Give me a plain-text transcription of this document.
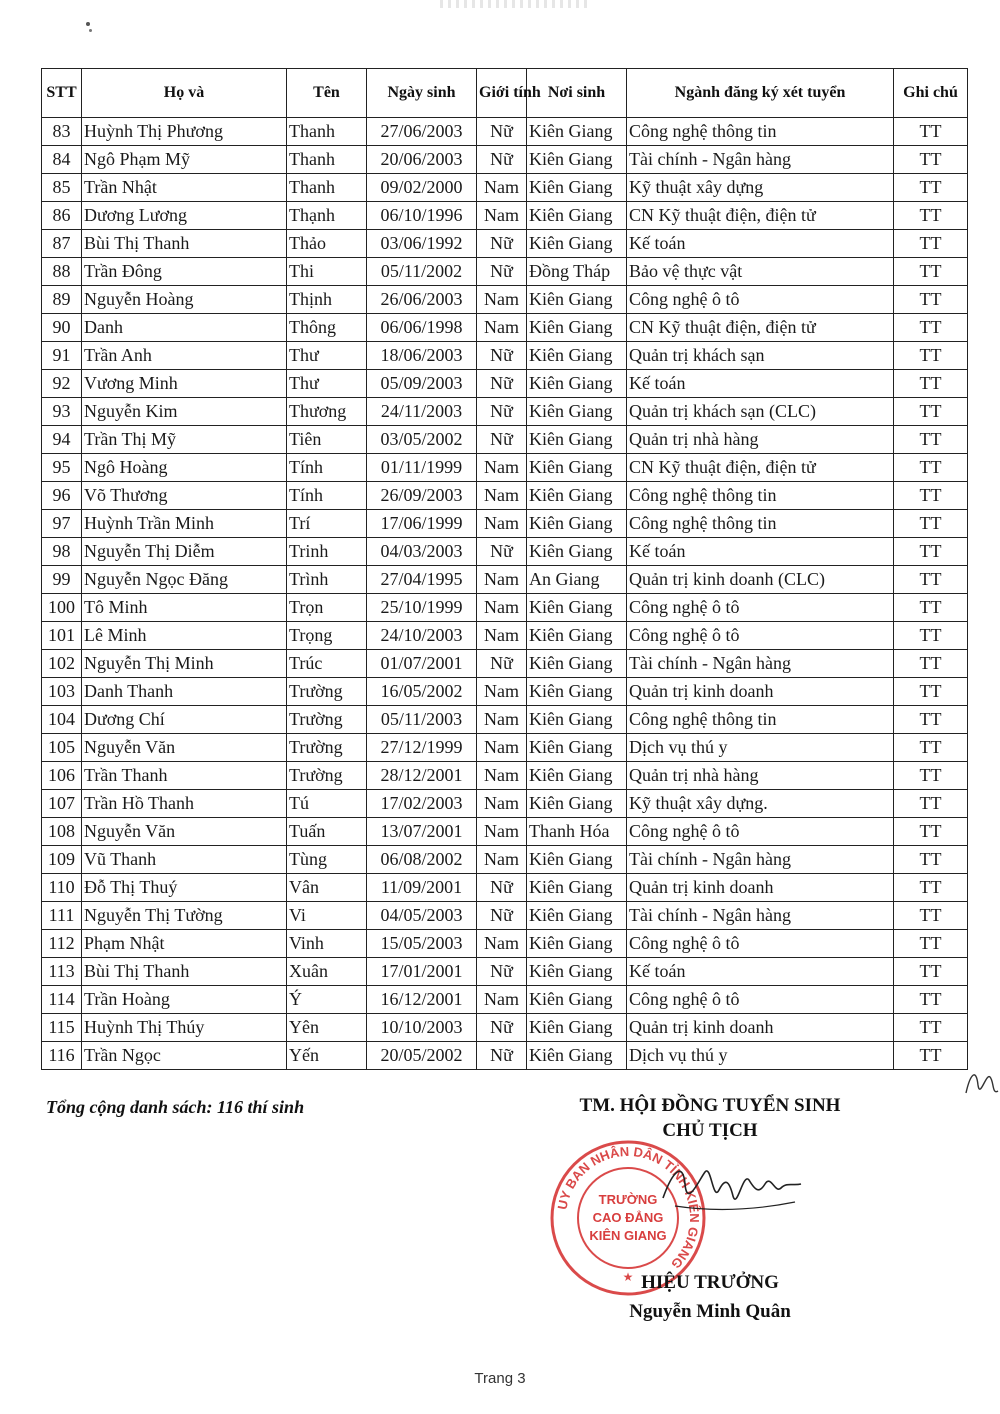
STT	Họ và	Tên	Ngày sinh	Giới tính	Nơi sinh	Ngành đăng ký xét tuyển	Ghi chú
83	Huỳnh Thị Phương	Thanh	27/06/2003	Nữ	Kiên Giang	Công nghệ thông tin	TT
84	Ngô Phạm Mỹ	Thanh	20/06/2003	Nữ	Kiên Giang	Tài chính - Ngân hàng	TT
85	Trần Nhật	Thanh	09/02/2000	Nam	Kiên Giang	Kỹ thuật xây dựng	TT
86	Dương Lương	Thạnh	06/10/1996	Nam	Kiên Giang	CN Kỹ thuật điện, điện tử	TT
87	Bùi Thị Thanh	Thảo	03/06/1992	Nữ	Kiên Giang	Kế toán	TT
88	Trần Đông	Thi	05/11/2002	Nữ	Đồng Tháp	Bảo vệ thực vật	TT
89	Nguyễn Hoàng	Thịnh	26/06/2003	Nam	Kiên Giang	Công nghệ ô tô	TT
90	Danh	Thông	06/06/1998	Nam	Kiên Giang	CN Kỹ thuật điện, điện tử	TT
91	Trần Anh	Thư	18/06/2003	Nữ	Kiên Giang	Quản trị khách sạn	TT
92	Vương Minh	Thư	05/09/2003	Nữ	Kiên Giang	Kế toán	TT
93	Nguyễn Kim	Thương	24/11/2003	Nữ	Kiên Giang	Quản trị khách sạn (CLC)	TT
94	Trần Thị Mỹ	Tiên	03/05/2002	Nữ	Kiên Giang	Quản trị nhà hàng	TT
95	Ngô Hoàng	Tính	01/11/1999	Nam	Kiên Giang	CN Kỹ thuật điện, điện tử	TT
96	Võ Thương	Tính	26/09/2003	Nam	Kiên Giang	Công nghệ thông tin	TT
97	Huỳnh Trần Minh	Trí	17/06/1999	Nam	Kiên Giang	Công nghệ thông tin	TT
98	Nguyễn Thị Diễm	Trinh	04/03/2003	Nữ	Kiên Giang	Kế toán	TT
99	Nguyễn Ngọc Đăng	Trình	27/04/1995	Nam	An Giang	Quản trị kinh doanh (CLC)	TT
100	Tô Minh	Trọn	25/10/1999	Nam	Kiên Giang	Công nghệ ô tô	TT
101	Lê Minh	Trọng	24/10/2003	Nam	Kiên Giang	Công nghệ ô tô	TT
102	Nguyễn Thị Minh	Trúc	01/07/2001	Nữ	Kiên Giang	Tài chính - Ngân hàng	TT
103	Danh Thanh	Trường	16/05/2002	Nam	Kiên Giang	Quản trị kinh doanh	TT
104	Dương Chí	Trường	05/11/2003	Nam	Kiên Giang	Công nghệ thông tin	TT
105	Nguyễn Văn	Trường	27/12/1999	Nam	Kiên Giang	Dịch vụ thú y	TT
106	Trần Thanh	Trường	28/12/2001	Nam	Kiên Giang	Quản trị nhà hàng	TT
107	Trần Hồ Thanh	Tú	17/02/2003	Nam	Kiên Giang	Kỹ thuật xây dựng.	TT
108	Nguyễn Văn	Tuấn	13/07/2001	Nam	Thanh Hóa	Công nghệ ô tô	TT
109	Vũ Thanh	Tùng	06/08/2002	Nam	Kiên Giang	Tài chính - Ngân hàng	TT
110	Đỗ Thị Thuý	Vân	11/09/2001	Nữ	Kiên Giang	Quản trị kinh doanh	TT
111	Nguyễn Thị Tường	Vi	04/05/2003	Nữ	Kiên Giang	Tài chính - Ngân hàng	TT
112	Phạm Nhật	Vinh	15/05/2003	Nam	Kiên Giang	Công nghệ ô tô	TT
113	Bùi Thị Thanh	Xuân	17/01/2001	Nữ	Kiên Giang	Kế toán	TT
114	Trần Hoàng	Ý	16/12/2001	Nam	Kiên Giang	Công nghệ ô tô	TT
115	Huỳnh Thị Thúy	Yên	10/10/2003	Nữ	Kiên Giang	Quản trị kinh doanh	TT
116	Trần Ngọc	Yến	20/05/2002	Nữ	Kiên Giang	Dịch vụ thú y	TT
Tổng cộng danh sách: 116 thí sinh	TM. HỘI ĐỒNG TUYỂN SINH
CHỦ TỊCH
UY BAN NHÂN DÂN TỈNH KIÊN GIANG
TRƯỜNG
CAO ĐẲNG
KIÊN GIANG
★ HIỆU TRƯỞNG
Nguyễn Minh Quân
Trang 3
